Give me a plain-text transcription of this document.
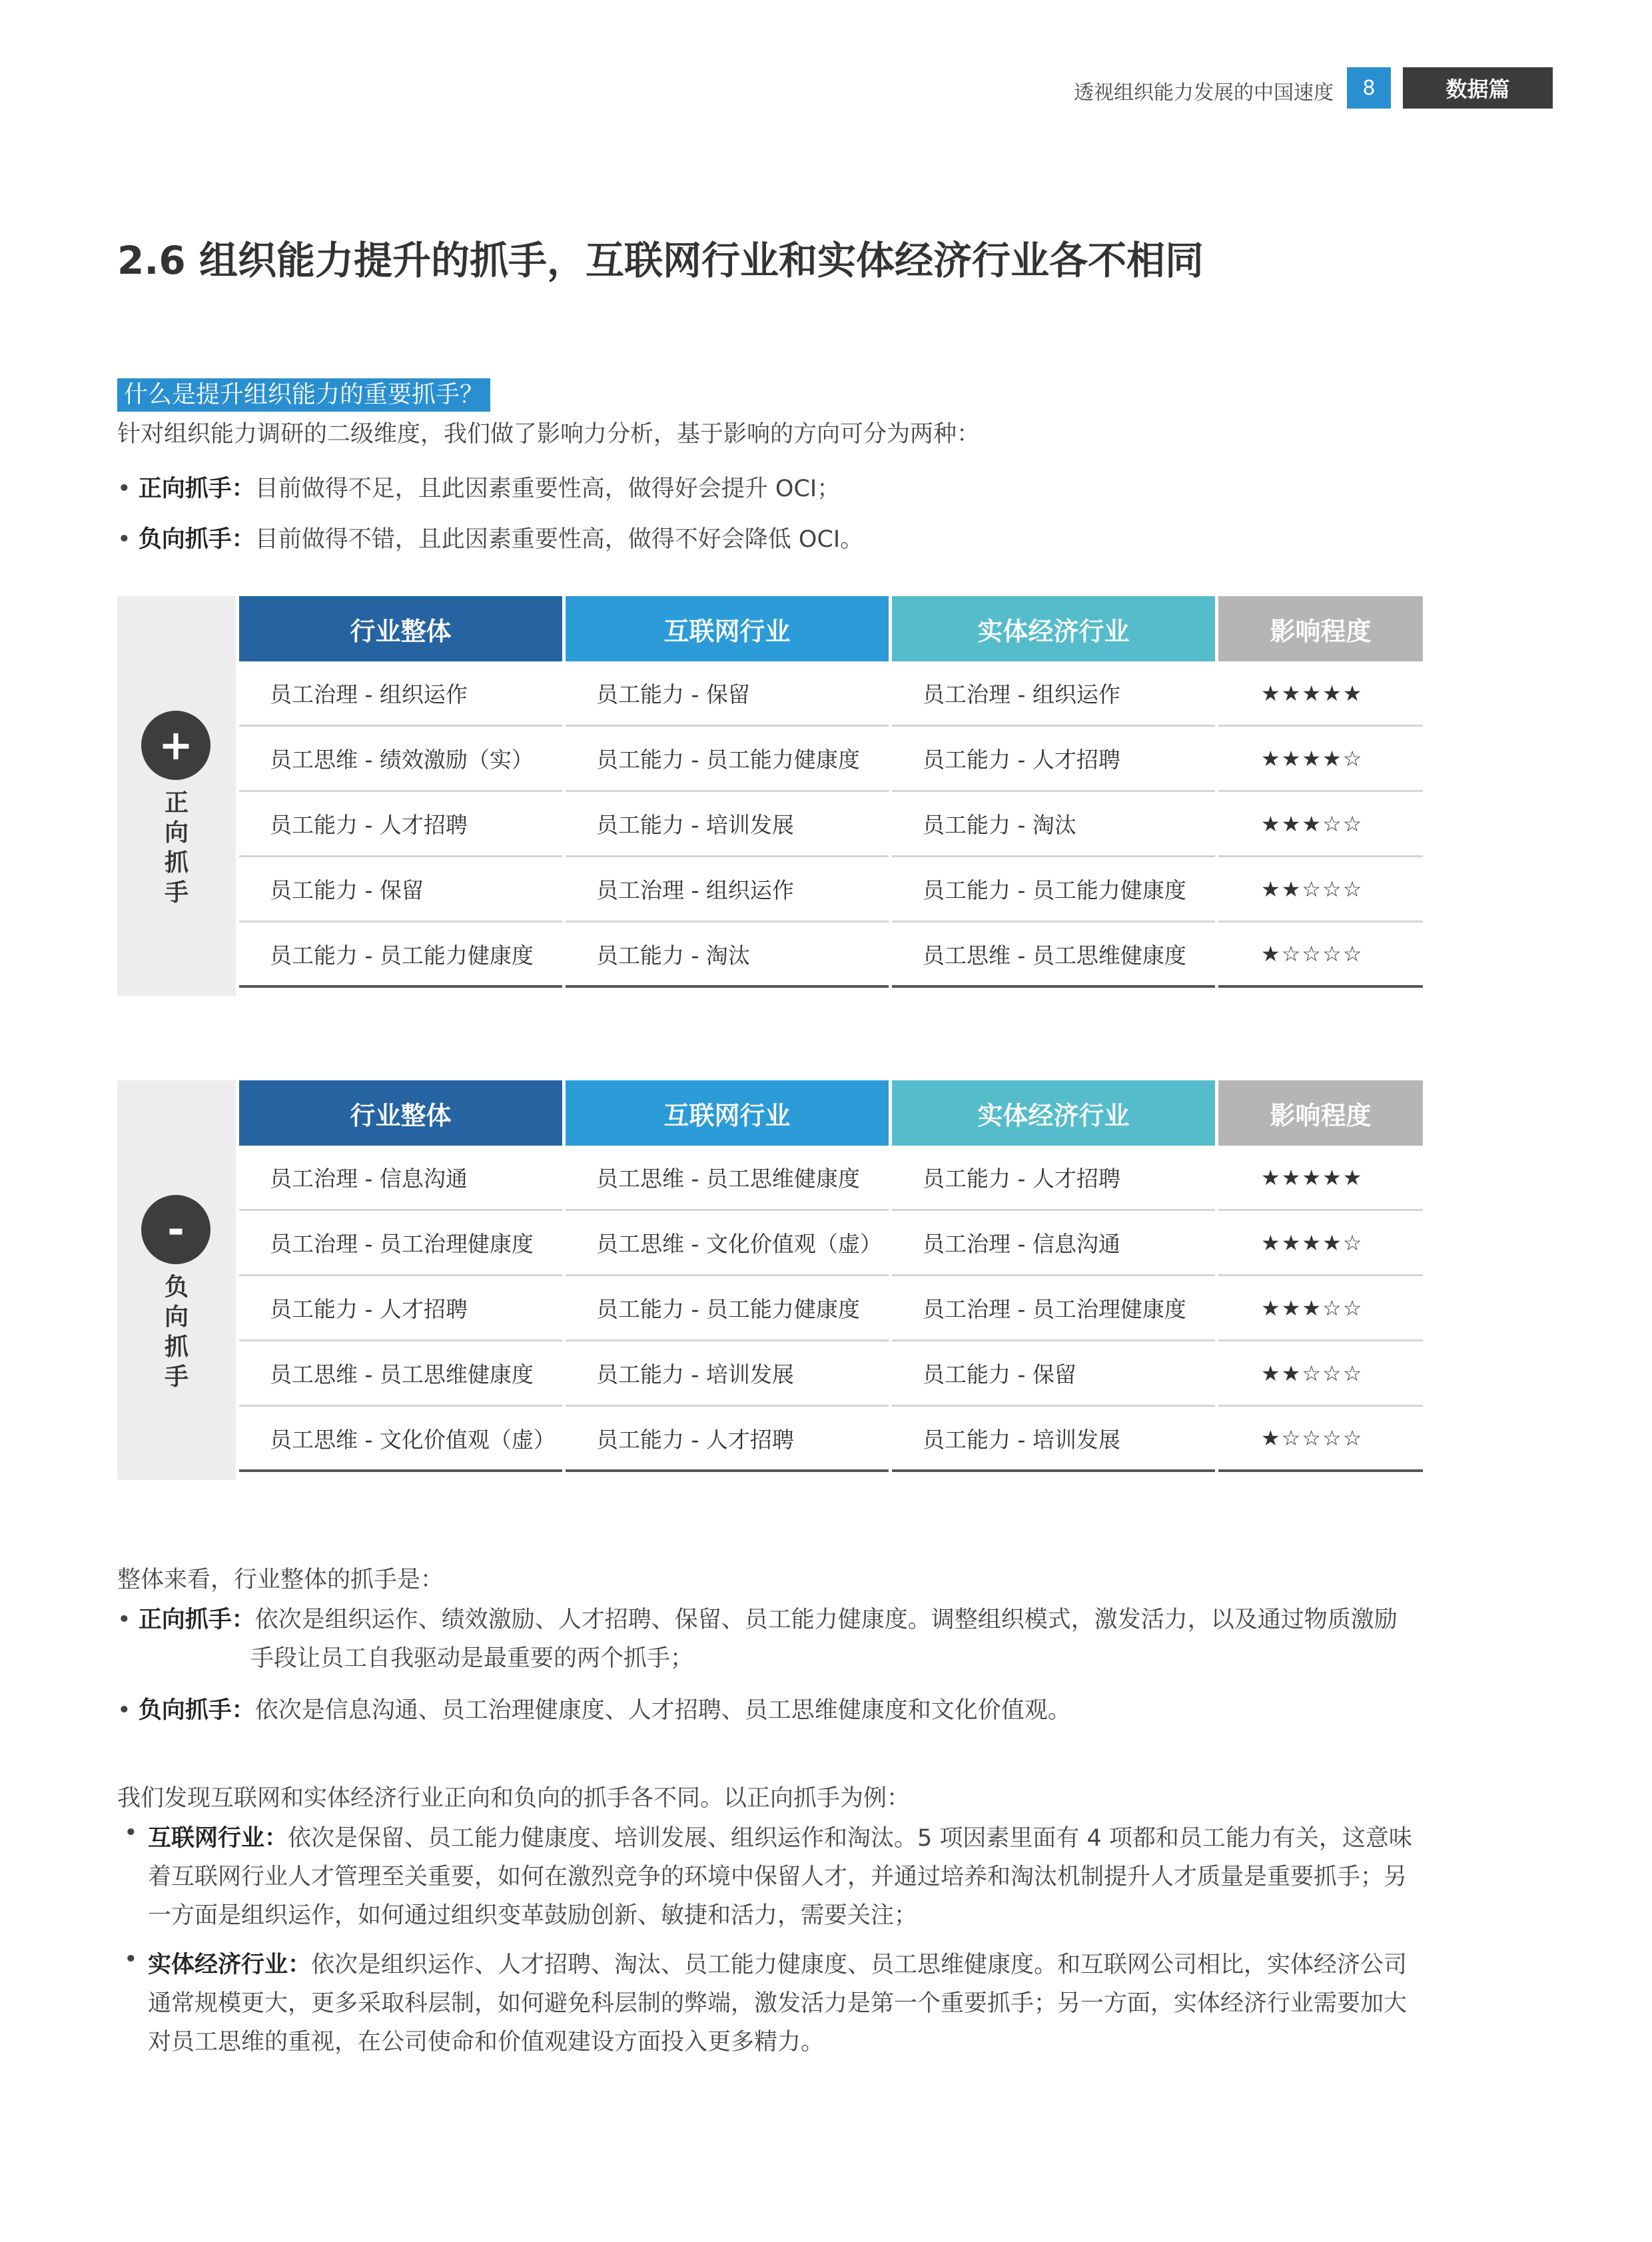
透视组织能力发展的中国速度	8	数据篇
2.6 组织能力提升的抓手，互联网行业和实体经济行业各不相同
什么是提升组织能力的重要抓手？
针对组织能力调研的二级维度，我们做了影响力分析，基于影响的方向可分为两种：
• 正向抓手：目前做得不足，且此因素重要性高，做得好会提升 OCI；
• 负向抓手：目前做得不错，且此因素重要性高，做得不好会降低 OCI。
+
正
向
抓
手
行业整体
员工治理 - 组织运作
员工思维 - 绩效激励（实）
员工能力 - 人才招聘
员工能力 - 保留
员工能力 - 员工能力健康度
互联网行业
员工能力 - 保留
员工能力 - 员工能力健康度
员工能力 - 培训发展
员工治理 - 组织运作
员工能力 - 淘汰
实体经济行业
员工治理 - 组织运作
员工能力 - 人才招聘
员工能力 - 淘汰
员工能力 - 员工能力健康度
员工思维 - 员工思维健康度
影响程度
★★★★★
★★★★☆
★★★☆☆
★★☆☆☆
★☆☆☆☆
-
负
向
抓
手
行业整体
员工治理 - 信息沟通
员工治理 - 员工治理健康度
员工能力 - 人才招聘
员工思维 - 员工思维健康度
员工思维 - 文化价值观（虚）
互联网行业
员工思维 - 员工思维健康度
员工思维 - 文化价值观（虚）
员工能力 - 员工能力健康度
员工能力 - 培训发展
员工能力 - 人才招聘
实体经济行业
员工能力 - 人才招聘
员工治理 - 信息沟通
员工治理 - 员工治理健康度
员工能力 - 保留
员工能力 - 培训发展
影响程度
★★★★★
★★★★☆
★★★☆☆
★★☆☆☆
★☆☆☆☆
整体来看，行业整体的抓手是：
• 正向抓手：依次是组织运作、绩效激励、人才招聘、保留、员工能力健康度。调整组织模式，激发活力，以及通过物质激励
手段让员工自我驱动是最重要的两个抓手；
• 负向抓手：依次是信息沟通、员工治理健康度、人才招聘、员工思维健康度和文化价值观。
我们发现互联网和实体经济行业正向和负向的抓手各不同。以正向抓手为例：
• 互联网行业：依次是保留、员工能力健康度、培训发展、组织运作和淘汰。5 项因素里面有 4 项都和员工能力有关，这意味
着互联网行业人才管理至关重要，如何在激烈竞争的环境中保留人才，并通过培养和淘汰机制提升人才质量是重要抓手；另
一方面是组织运作，如何通过组织变革鼓励创新、敏捷和活力，需要关注；
• 实体经济行业：依次是组织运作、人才招聘、淘汰、员工能力健康度、员工思维健康度。和互联网公司相比，实体经济公司
通常规模更大，更多采取科层制，如何避免科层制的弊端，激发活力是第一个重要抓手；另一方面，实体经济行业需要加大
对员工思维的重视，在公司使命和价值观建设方面投入更多精力。
